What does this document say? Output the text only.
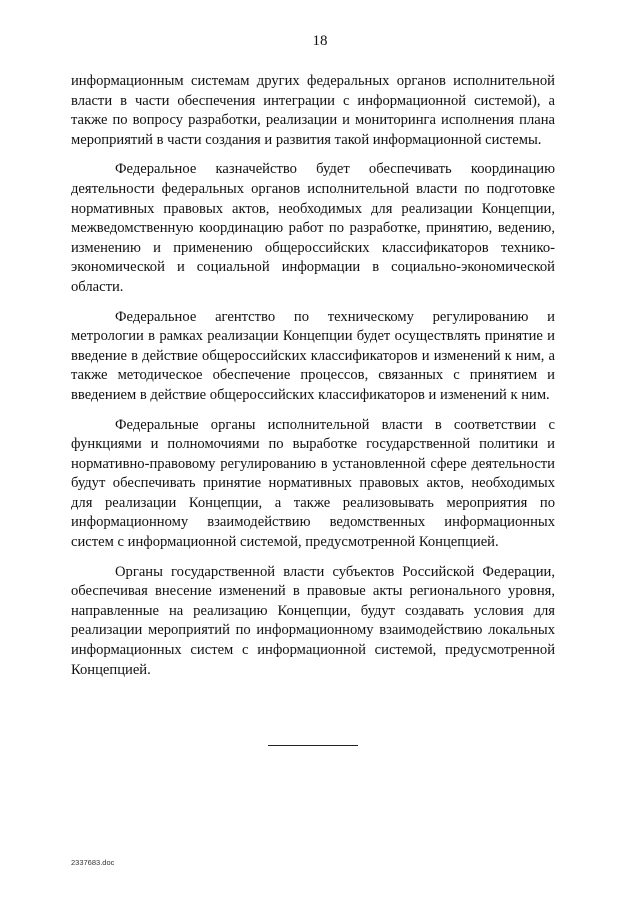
18

информационным системам других федеральных органов исполнительной власти в части обеспечения интеграции с информационной системой), а также по вопросу разработки, реализации и мониторинга исполнения плана мероприятий в части создания и развития такой информационной системы.

Федеральное казначейство будет обеспечивать координацию деятельности федеральных органов исполнительной власти по подготовке нормативных правовых актов, необходимых для реализации Концепции, межведомственную координацию работ по разработке, принятию, ведению, изменению и применению общероссийских классификаторов технико-экономической и социальной информации в социально-экономической области.

Федеральное агентство по техническому регулированию и метрологии в рамках реализации Концепции будет осуществлять принятие и введение в действие общероссийских классификаторов и изменений к ним, а также методическое обеспечение процессов, связанных с принятием и введением в действие общероссийских классификаторов и изменений к ним.

Федеральные органы исполнительной власти в соответствии с функциями и полномочиями по выработке государственной политики и нормативно-правовому регулированию в установленной сфере деятельности будут обеспечивать принятие нормативных правовых актов, необходимых для реализации Концепции, а также реализовывать мероприятия по информационному взаимодействию ведомственных информационных систем с информационной системой, предусмотренной Концепцией.

Органы государственной власти субъектов Российской Федерации, обеспечивая внесение изменений в правовые акты регионального уровня, направленные на реализацию Концепции, будут создавать условия для реализации мероприятий по информационному взаимодействию локальных информационных систем с информационной системой, предусмотренной Концепцией.

2337683.doc
